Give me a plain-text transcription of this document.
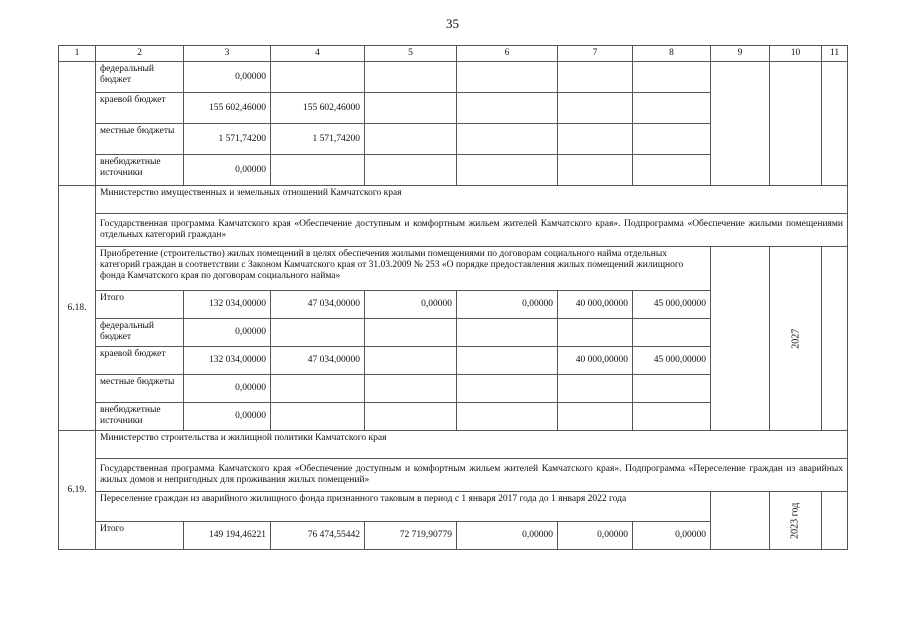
35
1	2	3	4	5	6	7	8	9	10	11
	федеральный бюджет	0,00000								
	краевой бюджет	155 602,46000	155 602,46000							
	местные бюджеты	1 571,74200	1 571,74200							
	внебюджетные источники	0,00000								
6.18.	Министерство имущественных и земельных отношений Камчатского края									
	Государственная программа Камчатского края «Обеспечение доступным и комфортным жильем жителей Камчатского края». Подпрограмма «Обеспечение жилыми помещениями отдельных категорий граждан»									
	Приобретение (строительство) жилых помещений в целях обеспечения жилыми помещениями по договорам социального найма отдельных категорий граждан в соответствии с Законом Камчатского края от 31.03.2009 № 253 «О порядке предоставления жилых помещений жилищного фонда Камчатского края по договорам социального найма»								2027	
	Итого	132 034,00000	47 034,00000	0,00000	0,00000	40 000,00000	45 000,00000			
	федеральный бюджет	0,00000								
	краевой бюджет	132 034,00000	47 034,00000			40 000,00000	45 000,00000			
	местные бюджеты	0,00000								
	внебюджетные источники	0,00000								
6.19.	Министерство строительства и жилищной политики Камчатского края									
	Государственная программа Камчатского края «Обеспечение доступным и комфортным жильем жителей Камчатского края». Подпрограмма «Переселение граждан из аварийных жилых домов и непригодных для проживания жилых помещений»									
	Переселение граждан из аварийного жилищного фонда признанного таковым в период с 1 января 2017 года до 1 января 2022 года								2023 год	
	Итого	149 194,46221	76 474,55442	72 719,90779	0,00000	0,00000	0,00000			
